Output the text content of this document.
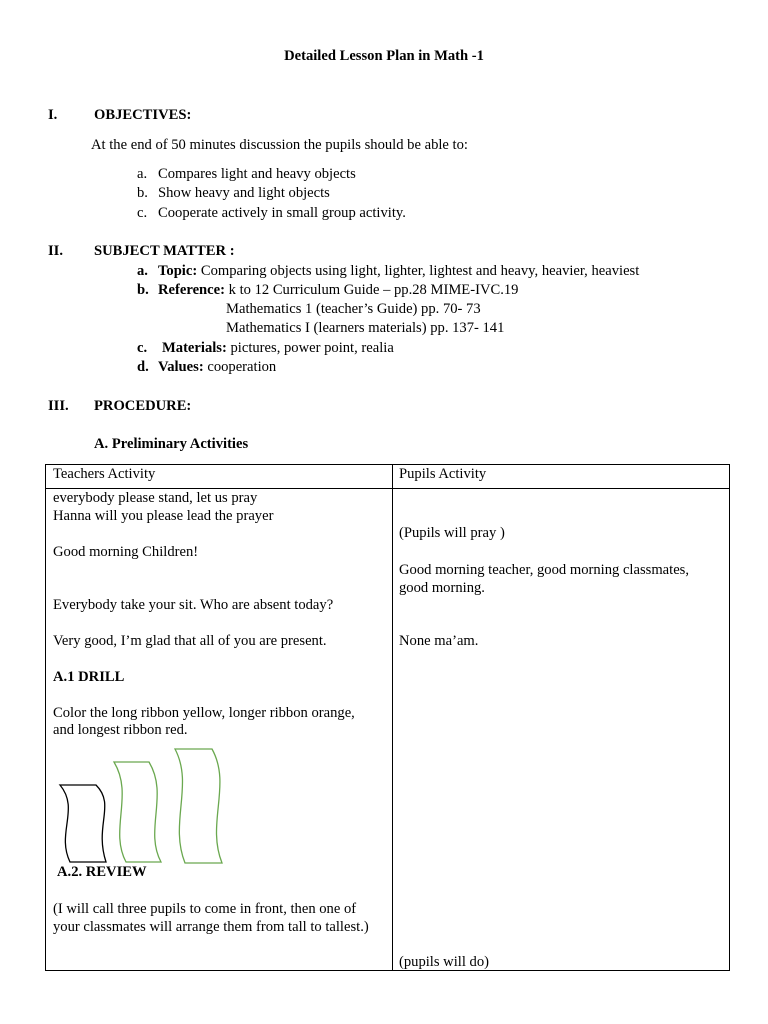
Detailed Lesson Plan in Math -1
I.	OBJECTIVES:
At the end of 50 minutes discussion the pupils should be able to:
a. Compares light and heavy objects
b. Show heavy and light objects
c. Cooperate actively in small group activity.
II. SUBJECT MATTER :
a. Topic: Comparing objects using light, lighter, lightest and heavy, heavier, heaviest
b. Reference: k to 12 Curriculum Guide – pp.28 MIME-IVC.19
Mathematics 1 (teacher’s Guide) pp. 70- 73
Mathematics I (learners materials) pp. 137- 141
c. Materials: pictures, power point, realia
d. Values: cooperation
III. PROCEDURE:
A. Preliminary Activities
Teachers Activity	Pupils Activity
everybody please stand, let us pray
Hanna will you please lead the prayer
Good morning Children!
Everybody take your sit. Who are absent today?
Very good, I’m glad that all of you are present.
A.1 DRILL
Color the long ribbon yellow, longer ribbon orange,
and longest ribbon red.
A.2. REVIEW
(I will call three pupils to come in front, then one of
your classmates will arrange them from tall to tallest.)
(Pupils will pray )
Good morning teacher, good morning classmates,
good morning.
None ma’am.
(pupils will do)
